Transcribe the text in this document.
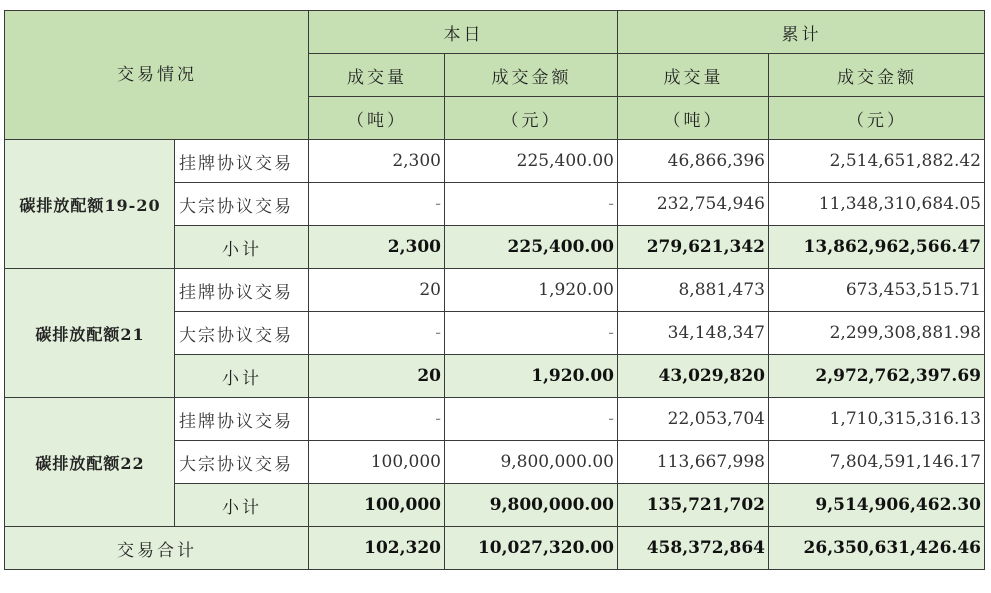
交易情况		本日		累计	
		成交量	成交金额	成交量	成交金额
		（吨）	（元）	（吨）	（元）
碳排放配额19-20	挂牌协议交易	2,300	225,400.00	46,866,396	2,514,651,882.42
	大宗协议交易	-	-	232,754,946	11,348,310,684.05
	小计	2,300	225,400.00	279,621,342	13,862,962,566.47
碳排放配额21	挂牌协议交易	20	1,920.00	8,881,473	673,453,515.71
	大宗协议交易	-	-	34,148,347	2,299,308,881.98
	小计	20	1,920.00	43,029,820	2,972,762,397.69
碳排放配额22	挂牌协议交易	-	-	22,053,704	1,710,315,316.13
	大宗协议交易	100,000	9,800,000.00	113,667,998	7,804,591,146.17
	小计	100,000	9,800,000.00	135,721,702	9,514,906,462.30
交易合计		102,320	10,027,320.00	458,372,864	26,350,631,426.46
